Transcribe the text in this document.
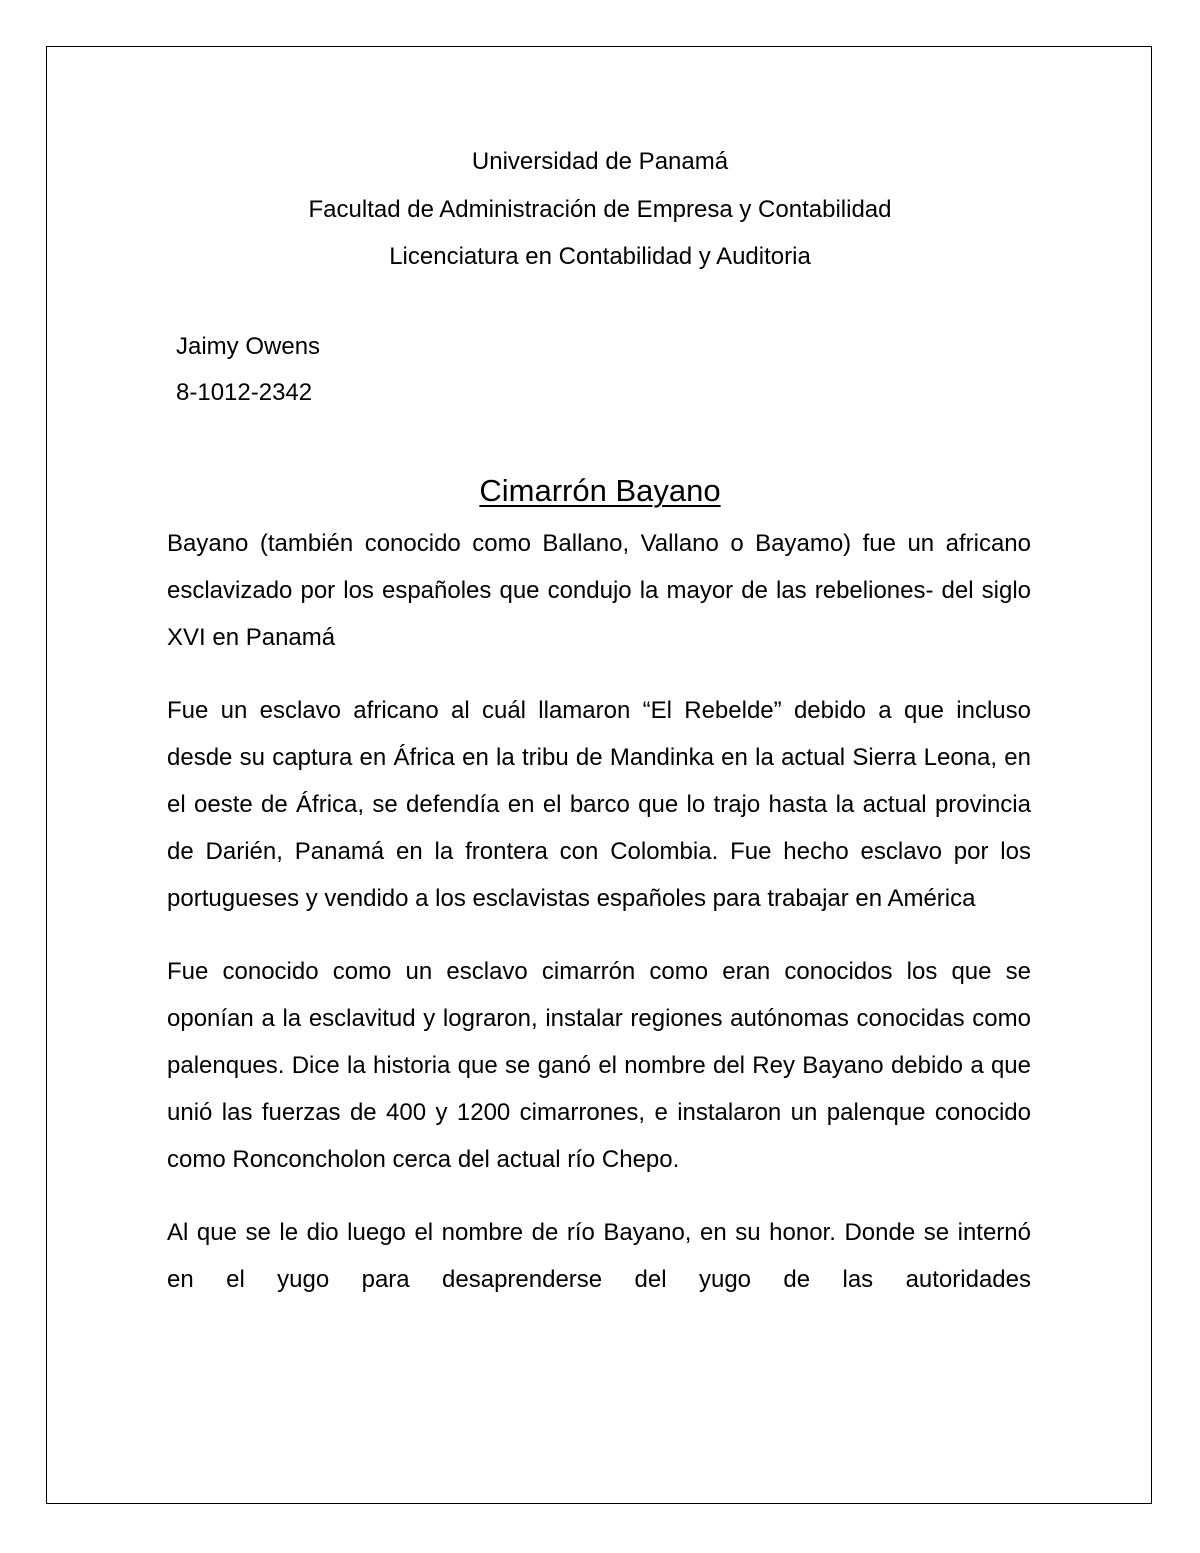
Universidad de Panamá
Facultad de Administración de Empresa y Contabilidad
Licenciatura en Contabilidad y Auditoria
Jaimy Owens
8-1012-2342
Cimarrón Bayano

Bayano (también conocido como Ballano, Vallano o Bayamo) fue un africano esclavizado por los españoles que condujo la mayor de las rebeliones- del siglo XVI en Panamá

Fue un esclavo africano al cuál llamaron “El Rebelde” debido a que incluso desde su captura en África en la tribu de Mandinka en la actual Sierra Leona, en el oeste de África, se defendía en el barco que lo trajo hasta la actual provincia de Darién, Panamá en la frontera con Colombia. Fue hecho esclavo por los portugueses y vendido a los esclavistas españoles para trabajar en América

Fue conocido como un esclavo cimarrón como eran conocidos los que se oponían a la esclavitud y lograron, instalar regiones autónomas conocidas como palenques. Dice la historia que se ganó el nombre del Rey Bayano debido a que unió las fuerzas de 400 y 1200 cimarrones, e instalaron un palenque conocido como Ronconcholon cerca del actual río Chepo.

Al que se le dio luego el nombre de río Bayano, en su honor. Donde se internó en el yugo para desaprenderse del yugo de las autoridades
